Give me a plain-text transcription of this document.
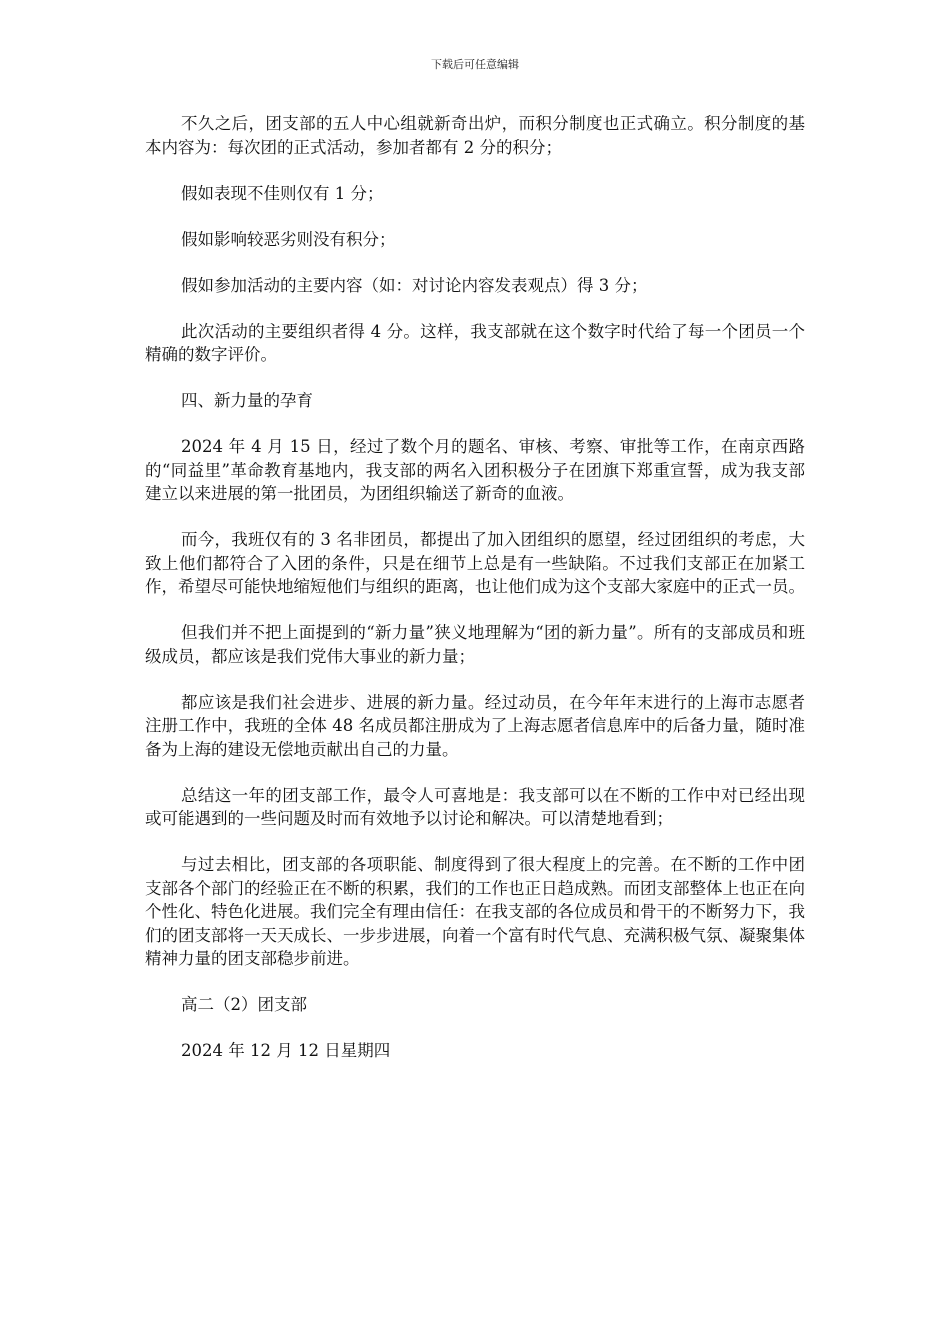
下载后可任意编辑

不久之后，团支部的五人中心组就新奇出炉，而积分制度也正式确立。积分制度的基本内容为：每次团的正式活动，参加者都有 2 分的积分；

假如表现不佳则仅有 1 分；

假如影响较恶劣则没有积分；

假如参加活动的主要内容（如：对讨论内容发表观点）得 3 分；

此次活动的主要组织者得 4 分。这样，我支部就在这个数字时代给了每一个团员一个精确的数字评价。

四、新力量的孕育

2024 年 4 月 15 日，经过了数个月的题名、审核、考察、审批等工作，在南京西路的“同益里”革命教育基地内，我支部的两名入团积极分子在团旗下郑重宣誓，成为我支部建立以来进展的第一批团员，为团组织输送了新奇的血液。

而今，我班仅有的 3 名非团员，都提出了加入团组织的愿望，经过团组织的考虑，大致上他们都符合了入团的条件，只是在细节上总是有一些缺陷。不过我们支部正在加紧工作，希望尽可能快地缩短他们与组织的距离，也让他们成为这个支部大家庭中的正式一员。

但我们并不把上面提到的“新力量”狭义地理解为“团的新力量”。所有的支部成员和班级成员，都应该是我们党伟大事业的新力量；

都应该是我们社会进步、进展的新力量。经过动员，在今年年末进行的上海市志愿者注册工作中，我班的全体 48 名成员都注册成为了上海志愿者信息库中的后备力量，随时准备为上海的建设无偿地贡献出自己的力量。

总结这一年的团支部工作，最令人可喜地是：我支部可以在不断的工作中对已经出现或可能遇到的一些问题及时而有效地予以讨论和解决。可以清楚地看到；

与过去相比，团支部的各项职能、制度得到了很大程度上的完善。在不断的工作中团支部各个部门的经验正在不断的积累，我们的工作也正日趋成熟。而团支部整体上也正在向个性化、特色化进展。我们完全有理由信任：在我支部的各位成员和骨干的不断努力下，我们的团支部将一天天成长、一步步进展，向着一个富有时代气息、充满积极气氛、凝聚集体精神力量的团支部稳步前进。

高二（2）团支部

2024 年 12 月 12 日星期四
